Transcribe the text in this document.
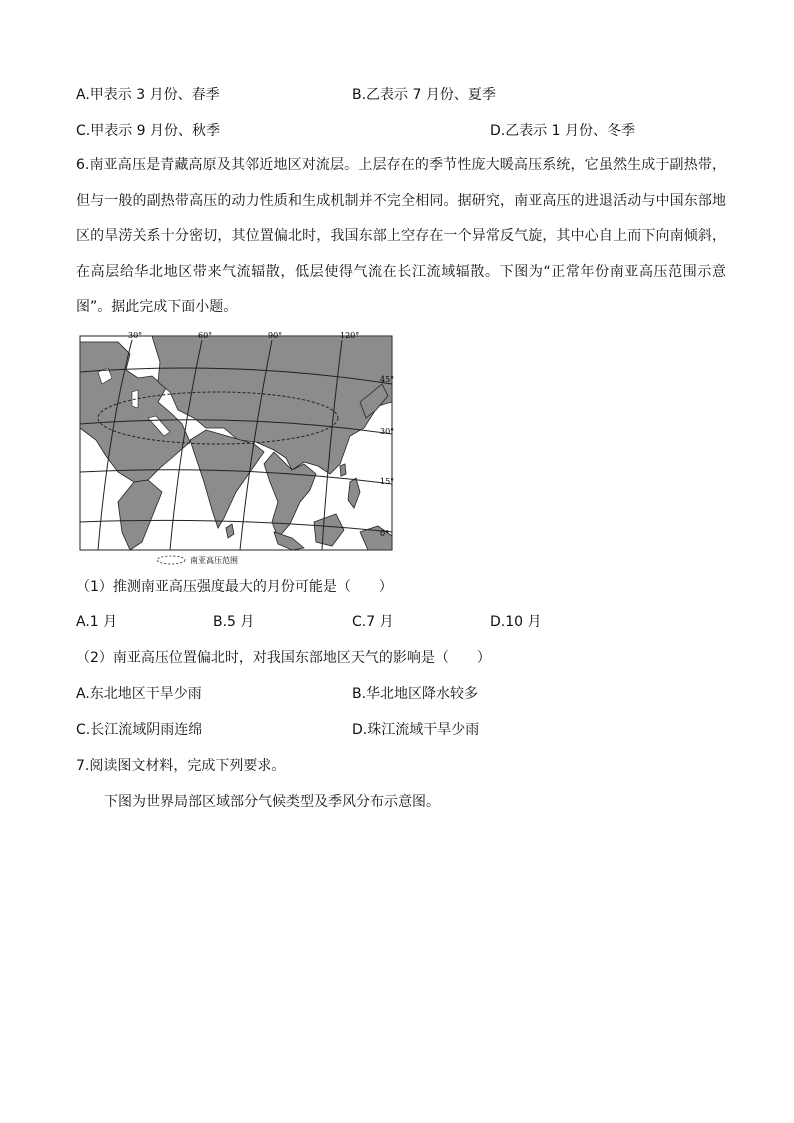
A.甲表示 3 月份、春季	B.乙表示 7 月份、夏季
C.甲表示 9 月份、秋季	D.乙表示 1 月份、冬季
6.南亚高压是青藏高原及其邻近地区对流层。上层存在的季节性庞大暖高压系统，它虽然生成于副热带，但与一般的副热带高压的动力性质和生成机制并不完全相同。据研究，南亚高压的进退活动与中国东部地区的旱涝关系十分密切，其位置偏北时，我国东部上空存在一个异常反气旋，其中心自上而下向南倾斜，在高层给华北地区带来气流辐散，低层使得气流在长江流域辐散。下图为“正常年份南亚高压范围示意图”。据此完成下面小题。
30°	60°	90°	120°
45°
30°
15°
0°
南亚高压范围
（1）推测南亚高压强度最大的月份可能是（　　）
A.1 月	B.5 月	C.7 月	D.10 月
（2）南亚高压位置偏北时，对我国东部地区天气的影响是（　　）
A.东北地区干旱少雨	B.华北地区降水较多
C.长江流域阴雨连绵	D.珠江流域干旱少雨
7.阅读图文材料，完成下列要求。
下图为世界局部区域部分气候类型及季风分布示意图。
